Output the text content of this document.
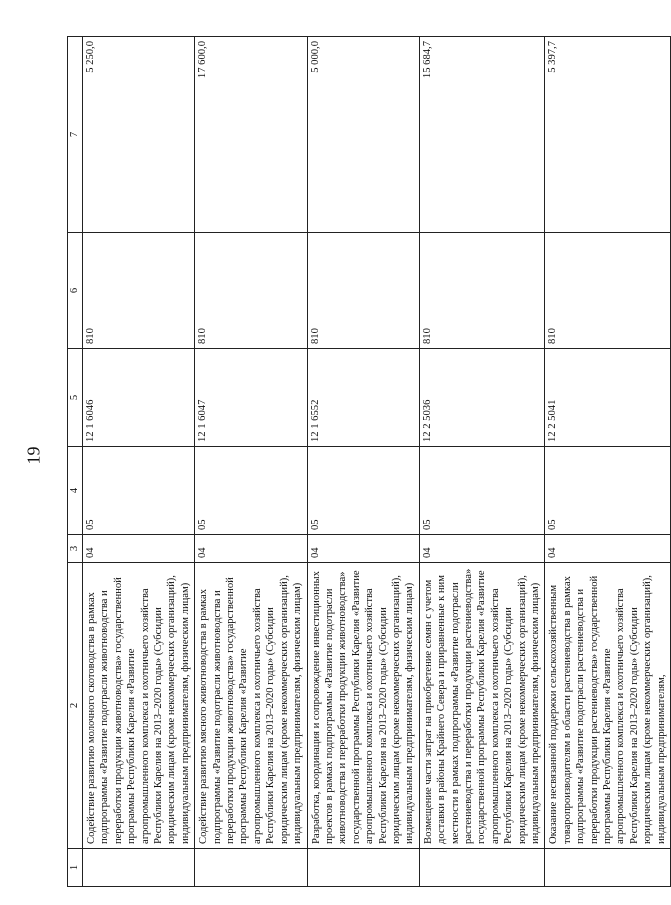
19
1	2	3	4	5	6	7
	Содействие развитию молочного скотоводства в рамках подпрограммы «Развитие подотрасли животноводства и переработки продукции животноводства» государственной программы Республики Карелия «Развитие агропромышленного комплекса и охотничьего хозяйства Республики Карелия на 2013–2020 годы» (Субсидии юридическим лицам (кроме некоммерческих организаций), индивидуальным предпринимателям, физическим лицам)	04	05	12 1 6046	810	5 250,0
	Содействие развитию мясного животноводства в рамках подпрограммы «Развитие подотрасли животноводства и переработки продукции животноводства» государственной программы Республики Карелия «Развитие агропромышленного комплекса и охотничьего хозяйства Республики Карелия на 2013–2020 годы» (Субсидии юридическим лицам (кроме некоммерческих организаций), индивидуальным предпринимателям, физическим лицам)	04	05	12 1 6047	810	17 600,0
	Разработка, координация и сопровождение инвестиционных проектов в рамках подпрограммы «Развитие подотрасли животноводства и переработки продукции животноводства» государственной программы Республики Карелия «Развитие агропромышленного комплекса и охотничьего хозяйства Республики Карелия на 2013–2020 годы» (Субсидии юридическим лицам (кроме некоммерческих организаций), индивидуальным предпринимателям, физическим лицам)	04	05	12 1 6552	810	5 000,0
	Возмещение части затрат на приобретение семян с учетом доставки в районы Крайнего Севера и приравненные к ним местности в рамках подпрограммы «Развитие подотрасли растениеводства и переработки продукции растениеводства» государственной программы Республики Карелия «Развитие агропромышленного комплекса и охотничьего хозяйства Республики Карелия на 2013–2020 годы» (Субсидии юридическим лицам (кроме некоммерческих организаций), индивидуальным предпринимателям, физическим лицам)	04	05	12 2 5036	810	15 684,7
	Оказание несвязанной поддержки сельскохозяйственным товаропроизводителям в области растениеводства в рамках подпрограммы «Развитие подотрасли растениеводства и переработки продукции растениеводства» государственной программы Республики Карелия «Развитие агропромышленного комплекса и охотничьего хозяйства Республики Карелия на 2013–2020 годы» (Субсидии юридическим лицам (кроме некоммерческих организаций), индивидуальным предпринимателям,	04	05	12 2 5041	810	5 397,7
